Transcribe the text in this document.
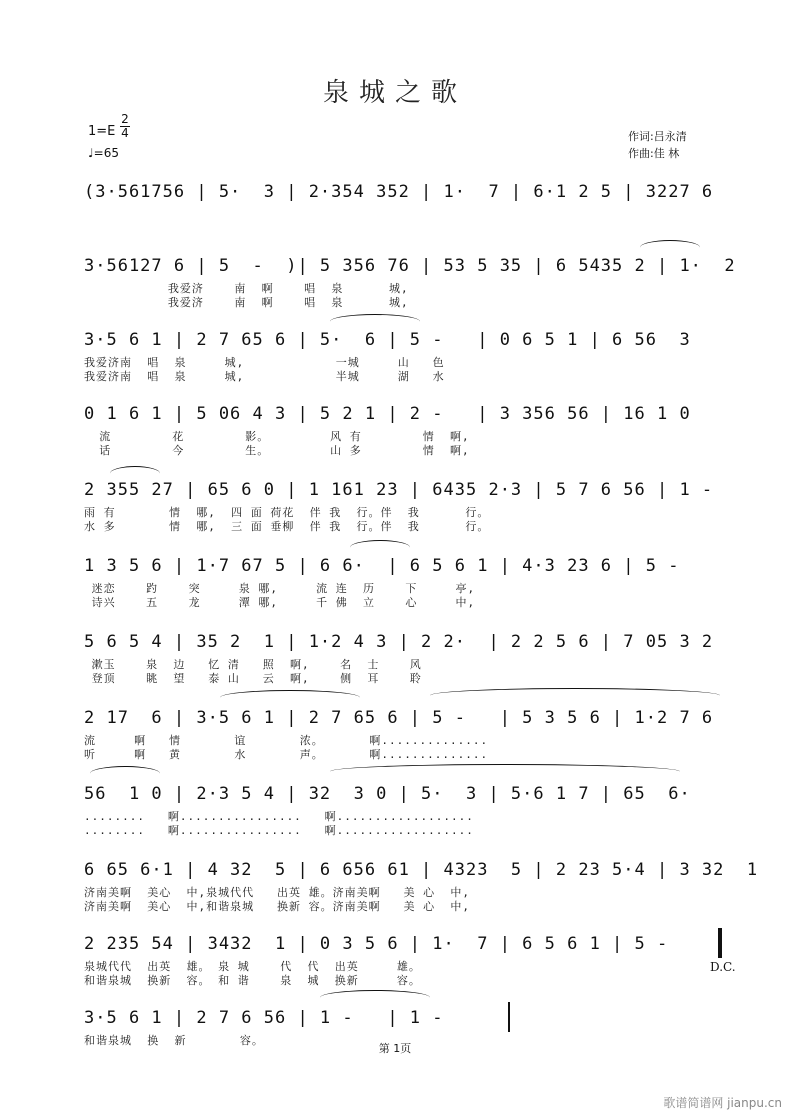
泉城之歌
1=E
2
4
♩=65
作词:吕永清
作曲:佳 林
(3·561756 | 5·  3 | 2·354 352 | 1·  7 | 6·1 2 5 | 3227 6
3·56127 6 | 5  -  )| 5 356 76 | 53 5 35 | 6 5435 2 | 1·  2
我爱济    南  啊    唱  泉      城,
我爱济    南  啊    唱  泉      城,
3·5 6 1 | 2 7 65 6 | 5·  6 | 5 -   | 0 6 5 1 | 6 56  3
我爱济南  唱  泉     城,            一城     山   色
我爱济南  唱  泉     城,            半城     湖   水
0 1 6 1 | 5 06 4 3 | 5 2 1 | 2 -   | 3 356 56 | 16 1 0
流        花        影。        风 有        情  啊,
话        今        生。        山 多        情  啊,
2 355 27 | 65 6 0 | 1 161 23 | 6435 2·3 | 5 7 6 56 | 1 -
雨 有       情  哪,  四 面 荷花  伴 我  行。伴  我      行。
水 多       情  哪,  三 面 垂柳  伴 我  行。伴  我      行。
1 3 5 6 | 1·7 67 5 | 6 6·  | 6 5 6 1 | 4·3 23 6 | 5 -
迷恋    趵    突     泉 哪,     流 连  历    下     亭,
诗兴    五    龙     潭 哪,     千 佛  立    心     中,
5 6 5 4 | 35 2  1 | 1·2 4 3 | 2 2·  | 2 2 5 6 | 7 05 3 2
漱玉    泉  边   忆 清   照  啊,    名  士    风
登顶    眺  望   泰 山   云  啊,    侧  耳    聆
2 17  6 | 3·5 6 1 | 2 7 65 6 | 5 -   | 5 3 5 6 | 1·2 7 6
流     啊   情       谊       浓。      啊..............
听     啊   黄       水       声。      啊..............
56  1 0 | 2·3 5 4 | 32  3 0 | 5·  3 | 5·6 1 7 | 65  6·
........   啊................   啊..................
........   啊................   啊..................
6 65 6·1 | 4 32  5 | 6 656 61 | 4323  5 | 2 23 5·4 | 3 32  1
济南美啊  美心  中,泉城代代   出英 雄。济南美啊   美 心  中,
济南美啊  美心  中,和谐泉城   换新 容。济南美啊   美 心  中,
2 235 54 | 3432  1 | 0 3 5 6 | 1·  7 | 6 5 6 1 | 5 -
泉城代代  出英  雄。 泉 城    代  代  出英     雄。
和谐泉城  换新  容。 和 谐    泉  城  换新     容。
D.C.
3·5 6 1 | 2 7 6 56 | 1 -   | 1 -
和谐泉城  换  新       容。
第 1页
歌谱简谱网 jianpu.cn
